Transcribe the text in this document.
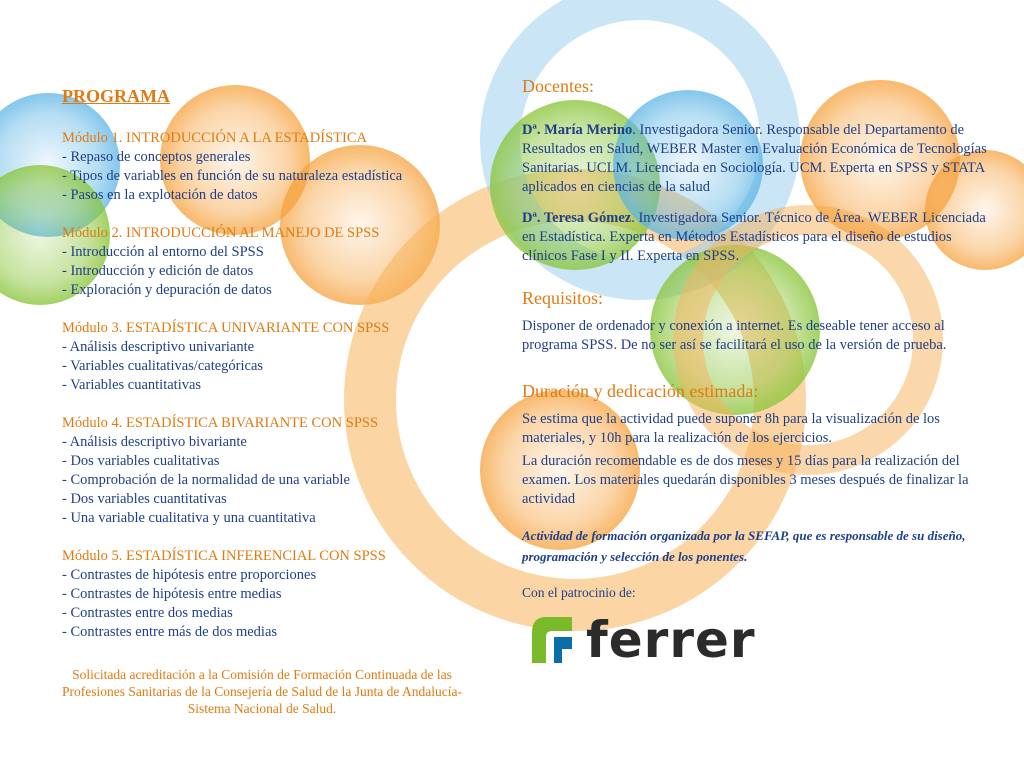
PROGRAMA
Módulo 1. INTRODUCCIÓN A LA ESTADÍSTICA
- Repaso de conceptos generales
- Tipos de variables en función de su naturaleza estadística
- Pasos en la explotación de datos
Módulo 2. INTRODUCCIÓN AL MANEJO DE SPSS
- Introducción al entorno del SPSS
- Introducción y edición de datos
- Exploración y depuración de datos
Módulo 3. ESTADÍSTICA UNIVARIANTE CON SPSS
- Análisis descriptivo univariante
- Variables cualitativas/categóricas
- Variables cuantitativas
Módulo 4. ESTADÍSTICA BIVARIANTE CON SPSS
- Análisis descriptivo bivariante
- Dos variables cualitativas
- Comprobación de la normalidad de una variable
- Dos variables cuantitativas
- Una variable cualitativa y una cuantitativa
Módulo 5. ESTADÍSTICA INFERENCIAL CON SPSS
- Contrastes de hipótesis entre proporciones
- Contrastes de hipótesis entre medias
- Contrastes entre dos medias
- Contrastes entre más de dos medias
Solicitada acreditación a la Comisión de Formación Continuada de las Profesiones Sanitarias de la Consejería de Salud de la Junta de Andalucía-Sistema Nacional de Salud.
Docentes:

Dª. María Merino. Investigadora Senior. Responsable del Departamento de Resultados en Salud, WEBER Master en Evaluación Económica de Tecnologías Sanitarias. UCLM. Licenciada en Sociología. UCM. Experta en SPSS y STATA aplicados en ciencias de la salud

Dª. Teresa Gómez. Investigadora Senior. Técnico de Área. WEBER Licenciada en Estadística. Experta en Métodos Estadísticos para el diseño de estudios clínicos Fase I y II. Experta en SPSS.

Requisitos:

Disponer de ordenador y conexión a internet. Es deseable tener acceso al programa SPSS. De no ser así se facilitará el uso de la versión de prueba.

Duración y dedicación estimada:

Se estima que la actividad puede suponer 8h para la visualización de los materiales, y 10h para la realización de los ejercicios.

La duración recomendable es de dos meses y 15 días para la realización del examen. Los materiales quedarán disponibles 3 meses después de finalizar la actividad

Actividad de formación organizada por la SEFAP, que es responsable de su diseño, programación y selección de los ponentes.

Con el patrocinio de:
ferrer
